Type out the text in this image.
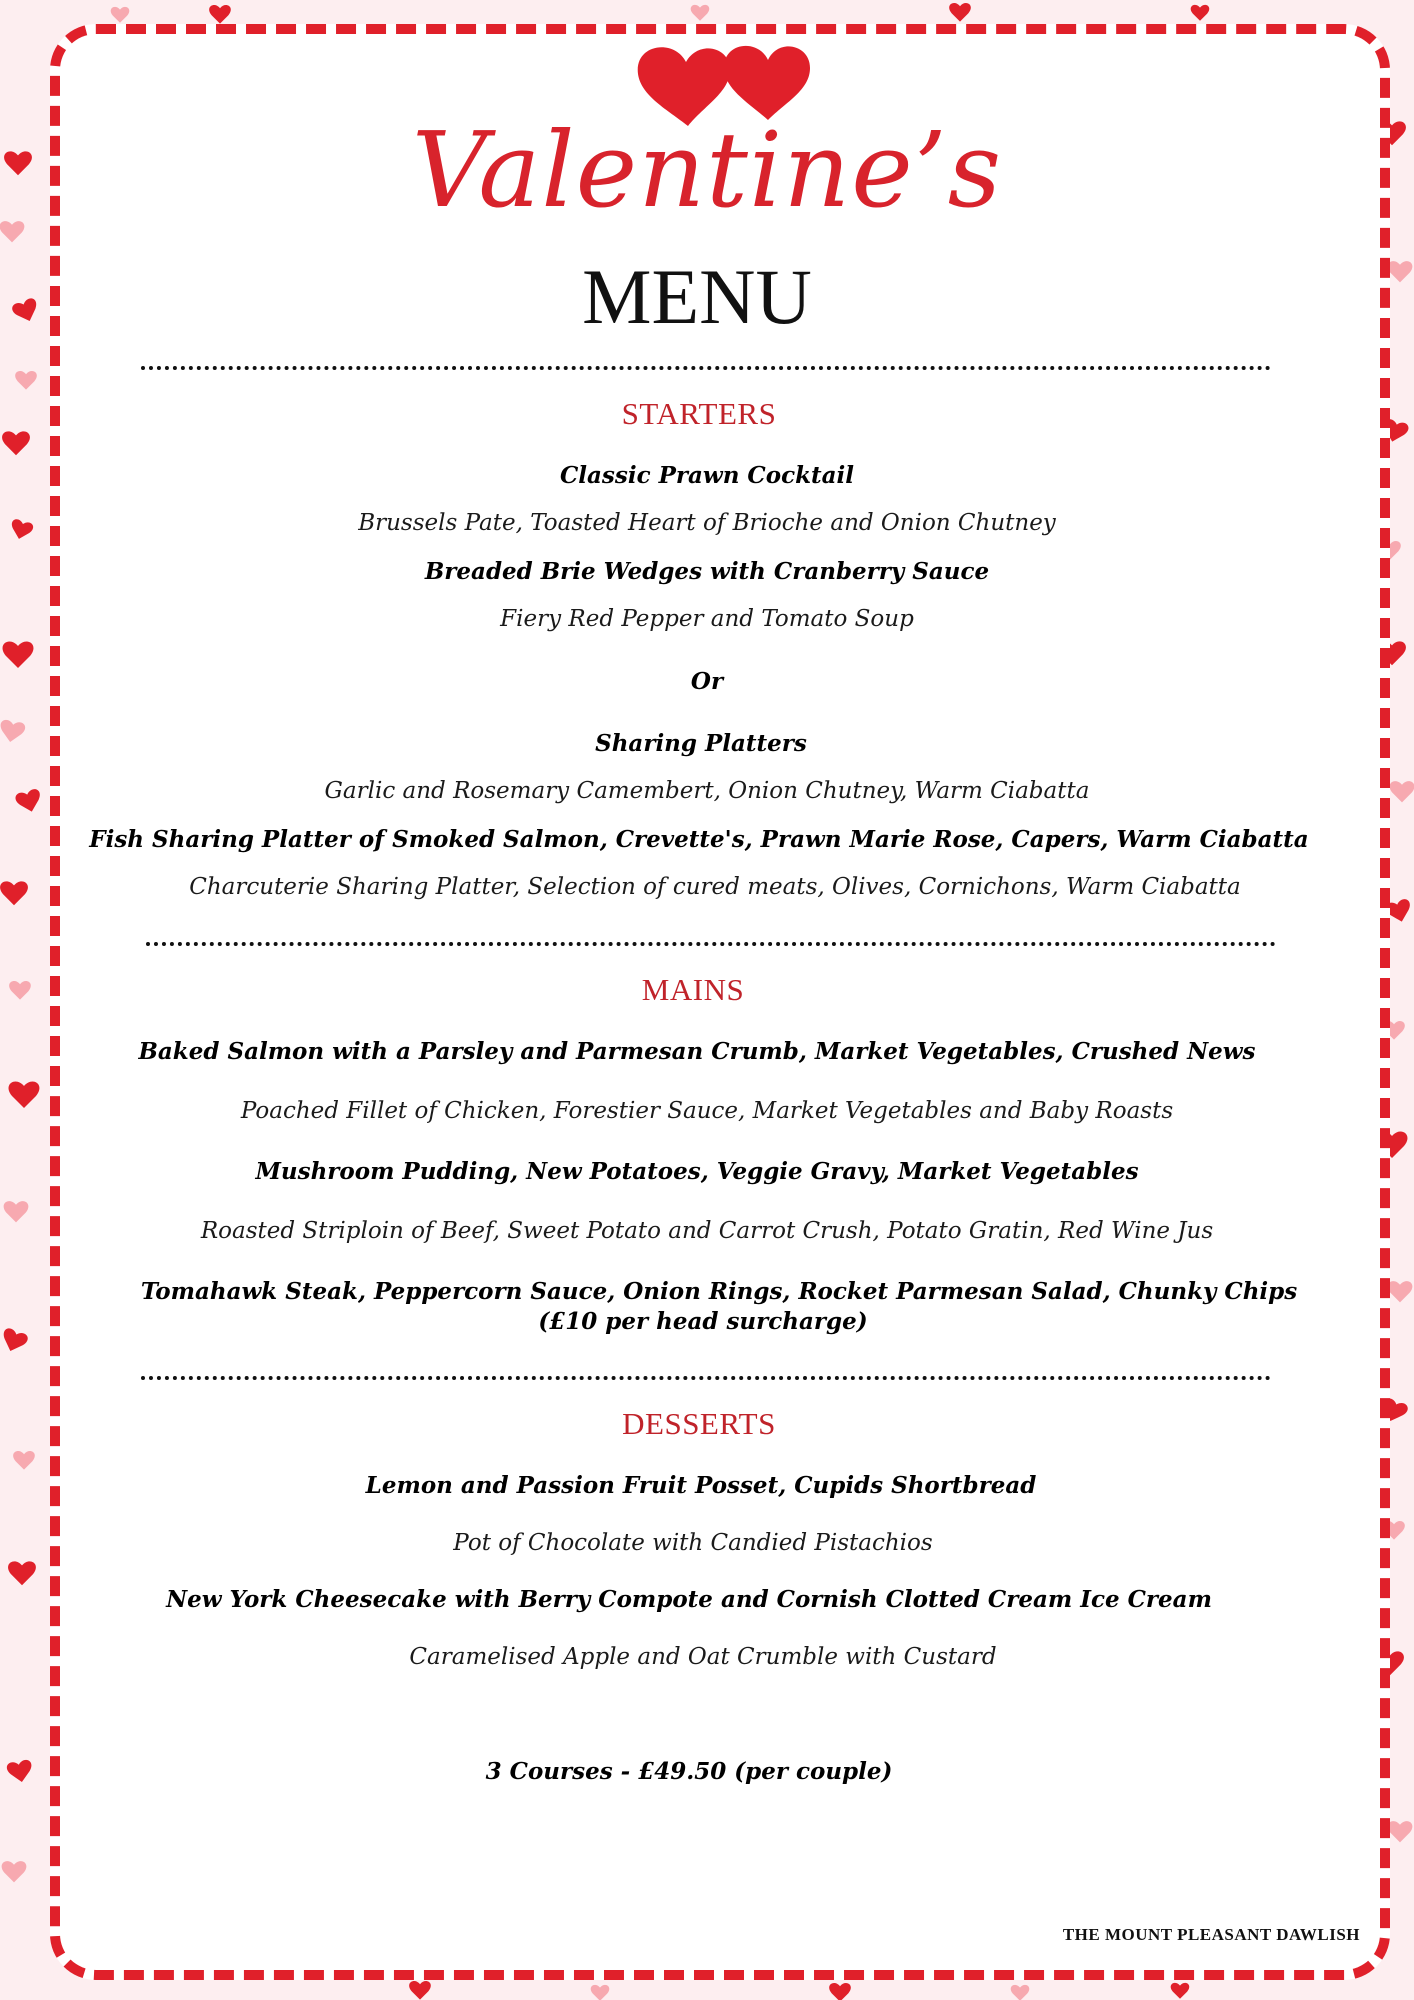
Valentine’s
MENU
STARTERS
Classic Prawn Cocktail
Brussels Pate, Toasted Heart of Brioche and Onion Chutney
Breaded Brie Wedges with Cranberry Sauce
Fiery Red Pepper and Tomato Soup
Or
Sharing Platters
Garlic and Rosemary Camembert, Onion Chutney, Warm Ciabatta
Fish Sharing Platter of Smoked Salmon, Crevette's, Prawn Marie Rose, Capers, Warm Ciabatta
Charcuterie Sharing Platter, Selection of cured meats, Olives, Cornichons, Warm Ciabatta
MAINS
Baked Salmon with a Parsley and Parmesan Crumb, Market Vegetables, Crushed News
Poached Fillet of Chicken, Forestier Sauce, Market Vegetables and Baby Roasts
Mushroom Pudding, New Potatoes, Veggie Gravy, Market Vegetables
Roasted Striploin of Beef, Sweet Potato and Carrot Crush, Potato Gratin, Red Wine Jus
Tomahawk Steak, Peppercorn Sauce, Onion Rings, Rocket Parmesan Salad, Chunky Chips
(£10 per head surcharge)
DESSERTS
Lemon and Passion Fruit Posset, Cupids Shortbread
Pot of Chocolate with Candied Pistachios
New York Cheesecake with Berry Compote and Cornish Clotted Cream Ice Cream
Caramelised Apple and Oat Crumble with Custard
3 Courses - £49.50 (per couple)
THE MOUNT PLEASANT DAWLISH
